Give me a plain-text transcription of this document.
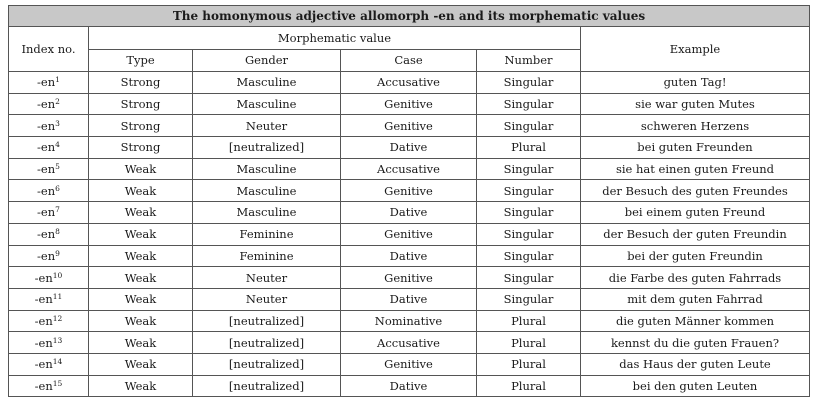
The homonymous adjective allomorph -en and its morphematic values					
Index no.	Morphematic value				Example
	Type	Gender	Case	Number	
$-en^1$	Strong	Masculine	Accusative	Singular	guten Tag!
$-en^2$	Strong	Masculine	Genitive	Singular	sie war guten Mutes
$-en^3$	Strong	Neuter	Genitive	Singular	schweren Herzens
$-en^4$	Strong	[neutralized]	Dative	Plural	bei guten Freunden
$-en^5$	Weak	Masculine	Accusative	Singular	sie hat einen guten Freund
$-en^6$	Weak	Masculine	Genitive	Singular	der Besuch des guten Freundes
$-en^7$	Weak	Masculine	Dative	Singular	bei einem guten Freund
$-en^8$	Weak	Feminine	Genitive	Singular	der Besuch der guten Freundin
$-en^9$	Weak	Feminine	Dative	Singular	bei der guten Freundin
$-en^{10}$	Weak	Neuter	Genitive	Singular	die Farbe des guten Fahrrads
$-en^{11}$	Weak	Neuter	Dative	Singular	mit dem guten Fahrrad
$-en^{12}$	Weak	[neutralized]	Nominative	Plural	die guten Männer kommen
$-en^{13}$	Weak	[neutralized]	Accusative	Plural	kennst du die guten Frauen?
$-en^{14}$	Weak	[neutralized]	Genitive	Plural	das Haus der guten Leute
$-en^{15}$	Weak	[neutralized]	Dative	Plural	bei den guten Leuten
